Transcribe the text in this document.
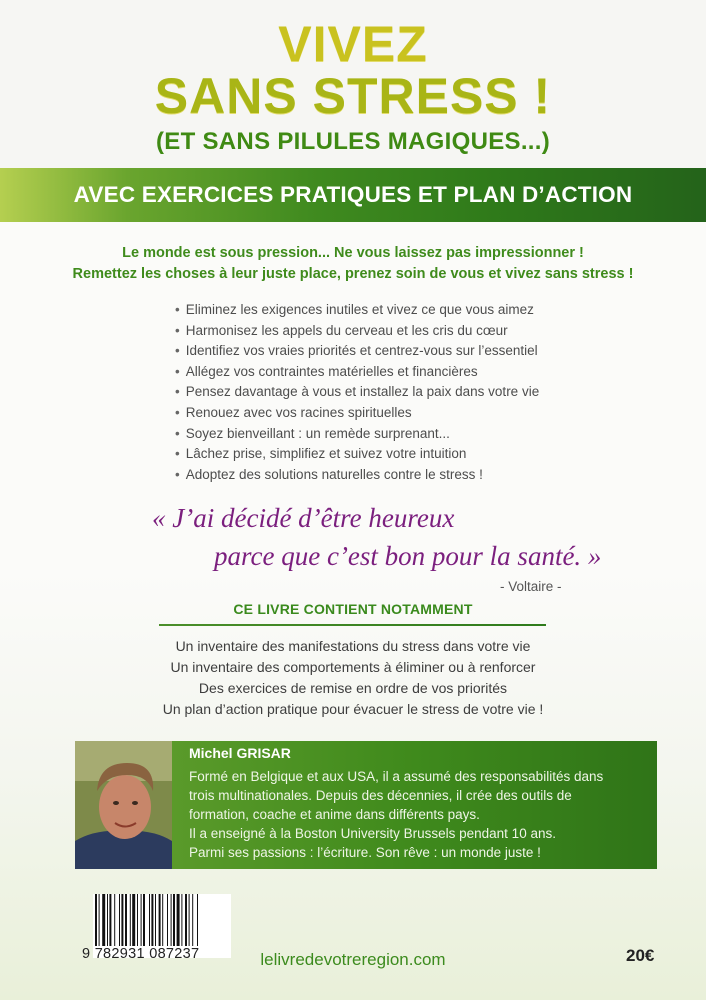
VIVEZ
SANS STRESS !
(ET SANS PILULES MAGIQUES...)
AVEC EXERCICES PRATIQUES ET PLAN D’ACTION
Le monde est sous pression... Ne vous laissez pas impressionner !
Remettez les choses à leur juste place, prenez soin de vous et vivez sans stress !
• Eliminez les exigences inutiles et vivez ce que vous aimez
• Harmonisez les appels du cerveau et les cris du cœur
• Identifiez vos vraies priorités et centrez-vous sur l’essentiel
• Allégez vos contraintes matérielles et financières
• Pensez davantage à vous et installez la paix dans votre vie
• Renouez avec vos racines spirituelles
• Soyez bienveillant : un remède surprenant...
• Lâchez prise, simplifiez et suivez votre intuition
• Adoptez des solutions naturelles contre le stress !
« J’ai décidé d’être heureux
parce que c’est bon pour la santé. »
- Voltaire -
CE LIVRE CONTIENT NOTAMMENT
Un inventaire des manifestations du stress dans votre vie
Un inventaire des comportements à éliminer ou à renforcer
Des exercices de remise en ordre de vos priorités
Un plan d’action pratique pour évacuer le stress de votre vie !
Michel GRISAR
Formé en Belgique et aux USA, il a assumé des responsabilités dans
trois multinationales. Depuis des décennies, il crée des outils de
formation, coache et anime dans différents pays.
Il a enseigné à la Boston University Brussels pendant 10 ans.
Parmi ses passions : l’écriture. Son rêve : un monde juste !
9 782931 087237	lelivredevotreregion.com	20€
